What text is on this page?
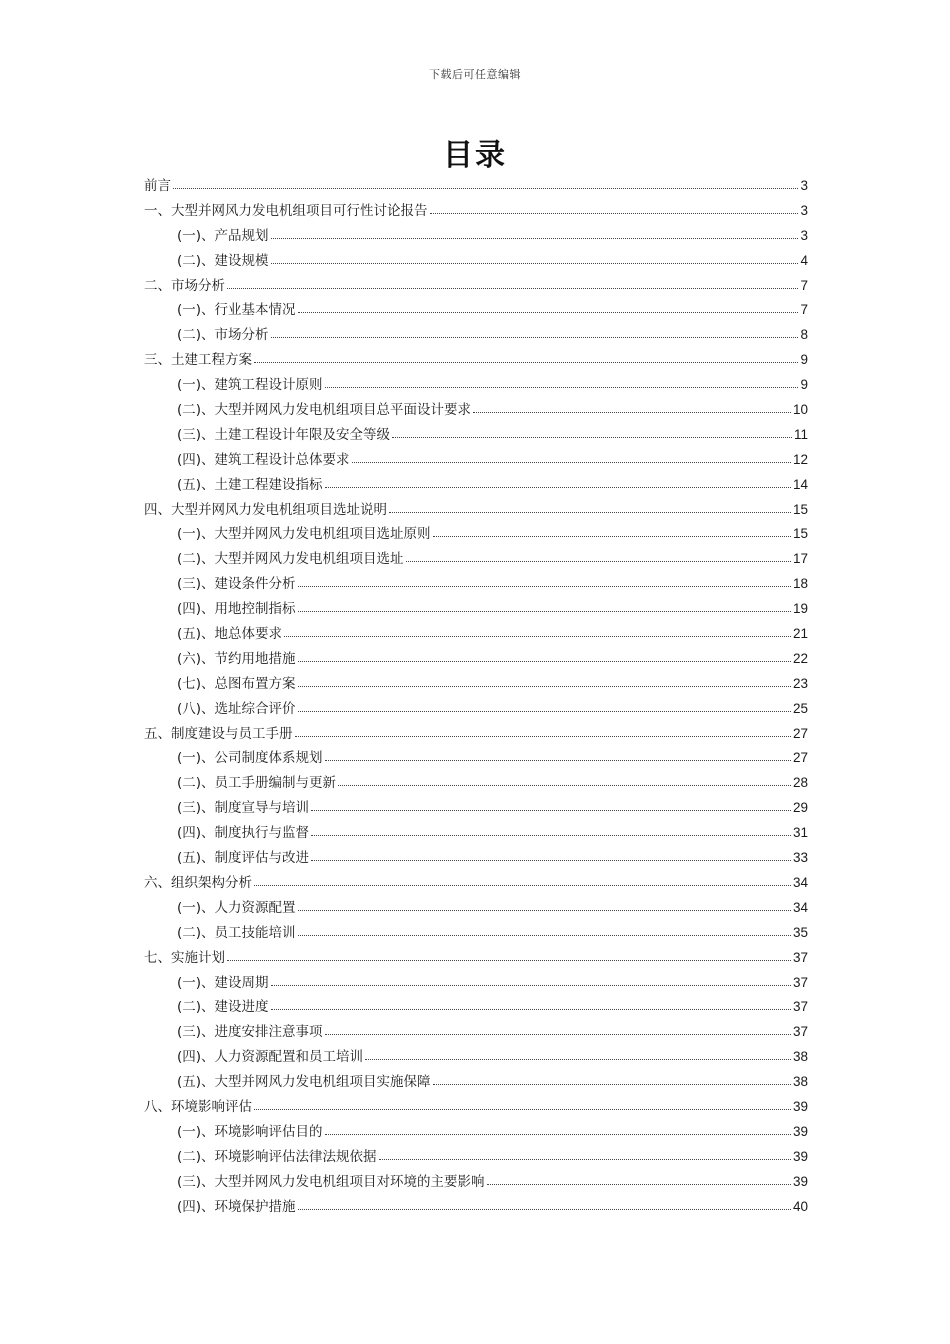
下载后可任意编辑
目录
前言	3
一、大型并网风力发电机组项目可行性讨论报告	3
(一)、产品规划	3
(二)、建设规模	4
二、市场分析	7
(一)、行业基本情况	7
(二)、市场分析	8
三、土建工程方案	9
(一)、建筑工程设计原则	9
(二)、大型并网风力发电机组项目总平面设计要求	10
(三)、土建工程设计年限及安全等级	11
(四)、建筑工程设计总体要求	12
(五)、土建工程建设指标	14
四、大型并网风力发电机组项目选址说明	15
(一)、大型并网风力发电机组项目选址原则	15
(二)、大型并网风力发电机组项目选址	17
(三)、建设条件分析	18
(四)、用地控制指标	19
(五)、地总体要求	21
(六)、节约用地措施	22
(七)、总图布置方案	23
(八)、选址综合评价	25
五、制度建设与员工手册	27
(一)、公司制度体系规划	27
(二)、员工手册编制与更新	28
(三)、制度宣导与培训	29
(四)、制度执行与监督	31
(五)、制度评估与改进	33
六、组织架构分析	34
(一)、人力资源配置	34
(二)、员工技能培训	35
七、实施计划	37
(一)、建设周期	37
(二)、建设进度	37
(三)、进度安排注意事项	37
(四)、人力资源配置和员工培训	38
(五)、大型并网风力发电机组项目实施保障	38
八、环境影响评估	39
(一)、环境影响评估目的	39
(二)、环境影响评估法律法规依据	39
(三)、大型并网风力发电机组项目对环境的主要影响	39
(四)、环境保护措施	40
